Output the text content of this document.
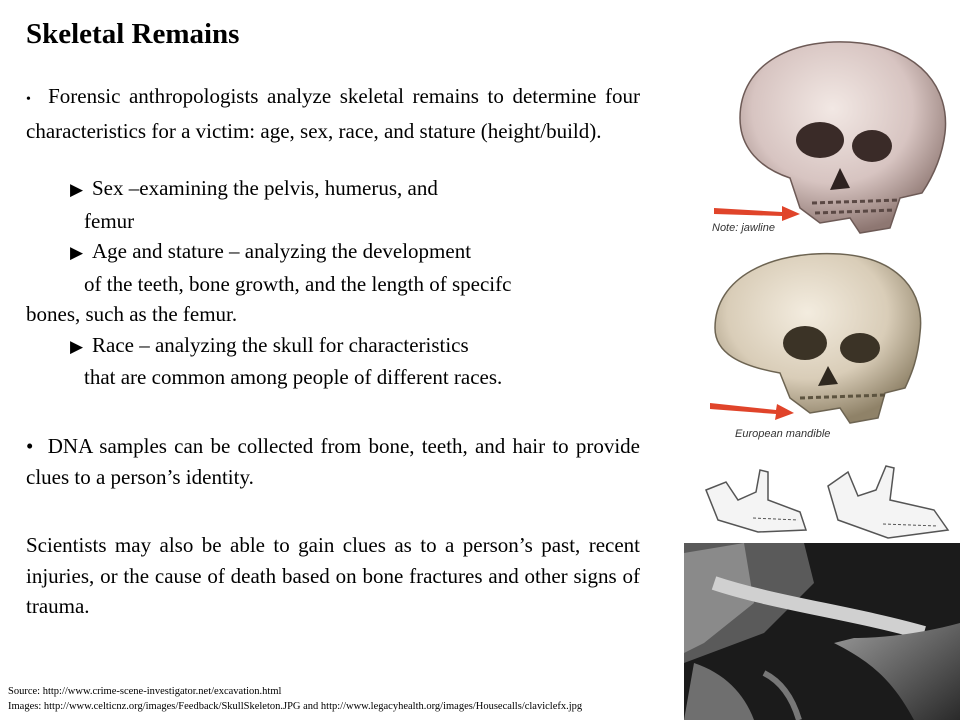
Skeletal Remains
• Forensic anthropologists analyze skeletal remains to determine four characteristics for a victim: age, sex, race, and stature (height/build).
▶ Sex –examining the pelvis, humerus, and
femur
▶ Age and stature – analyzing the development
of the teeth, bone growth, and the length of specifc
bones, such as the femur.
▶ Race – analyzing the skull for characteristics
that are common among people of different races.
• DNA samples can be collected from bone, teeth, and hair to provide clues to a person’s identity.
Scientists may also be able to gain clues as to a person’s past, recent injuries, or the cause of death based on bone fractures and other signs of trauma.
Note: jawline
European mandible
Source: http://www.crime-scene-investigator.net/excavation.html
Images: http://www.celticnz.org/images/Feedback/SkullSkeleton.JPG and http://www.legacyhealth.org/images/Housecalls/claviclefx.jpg
